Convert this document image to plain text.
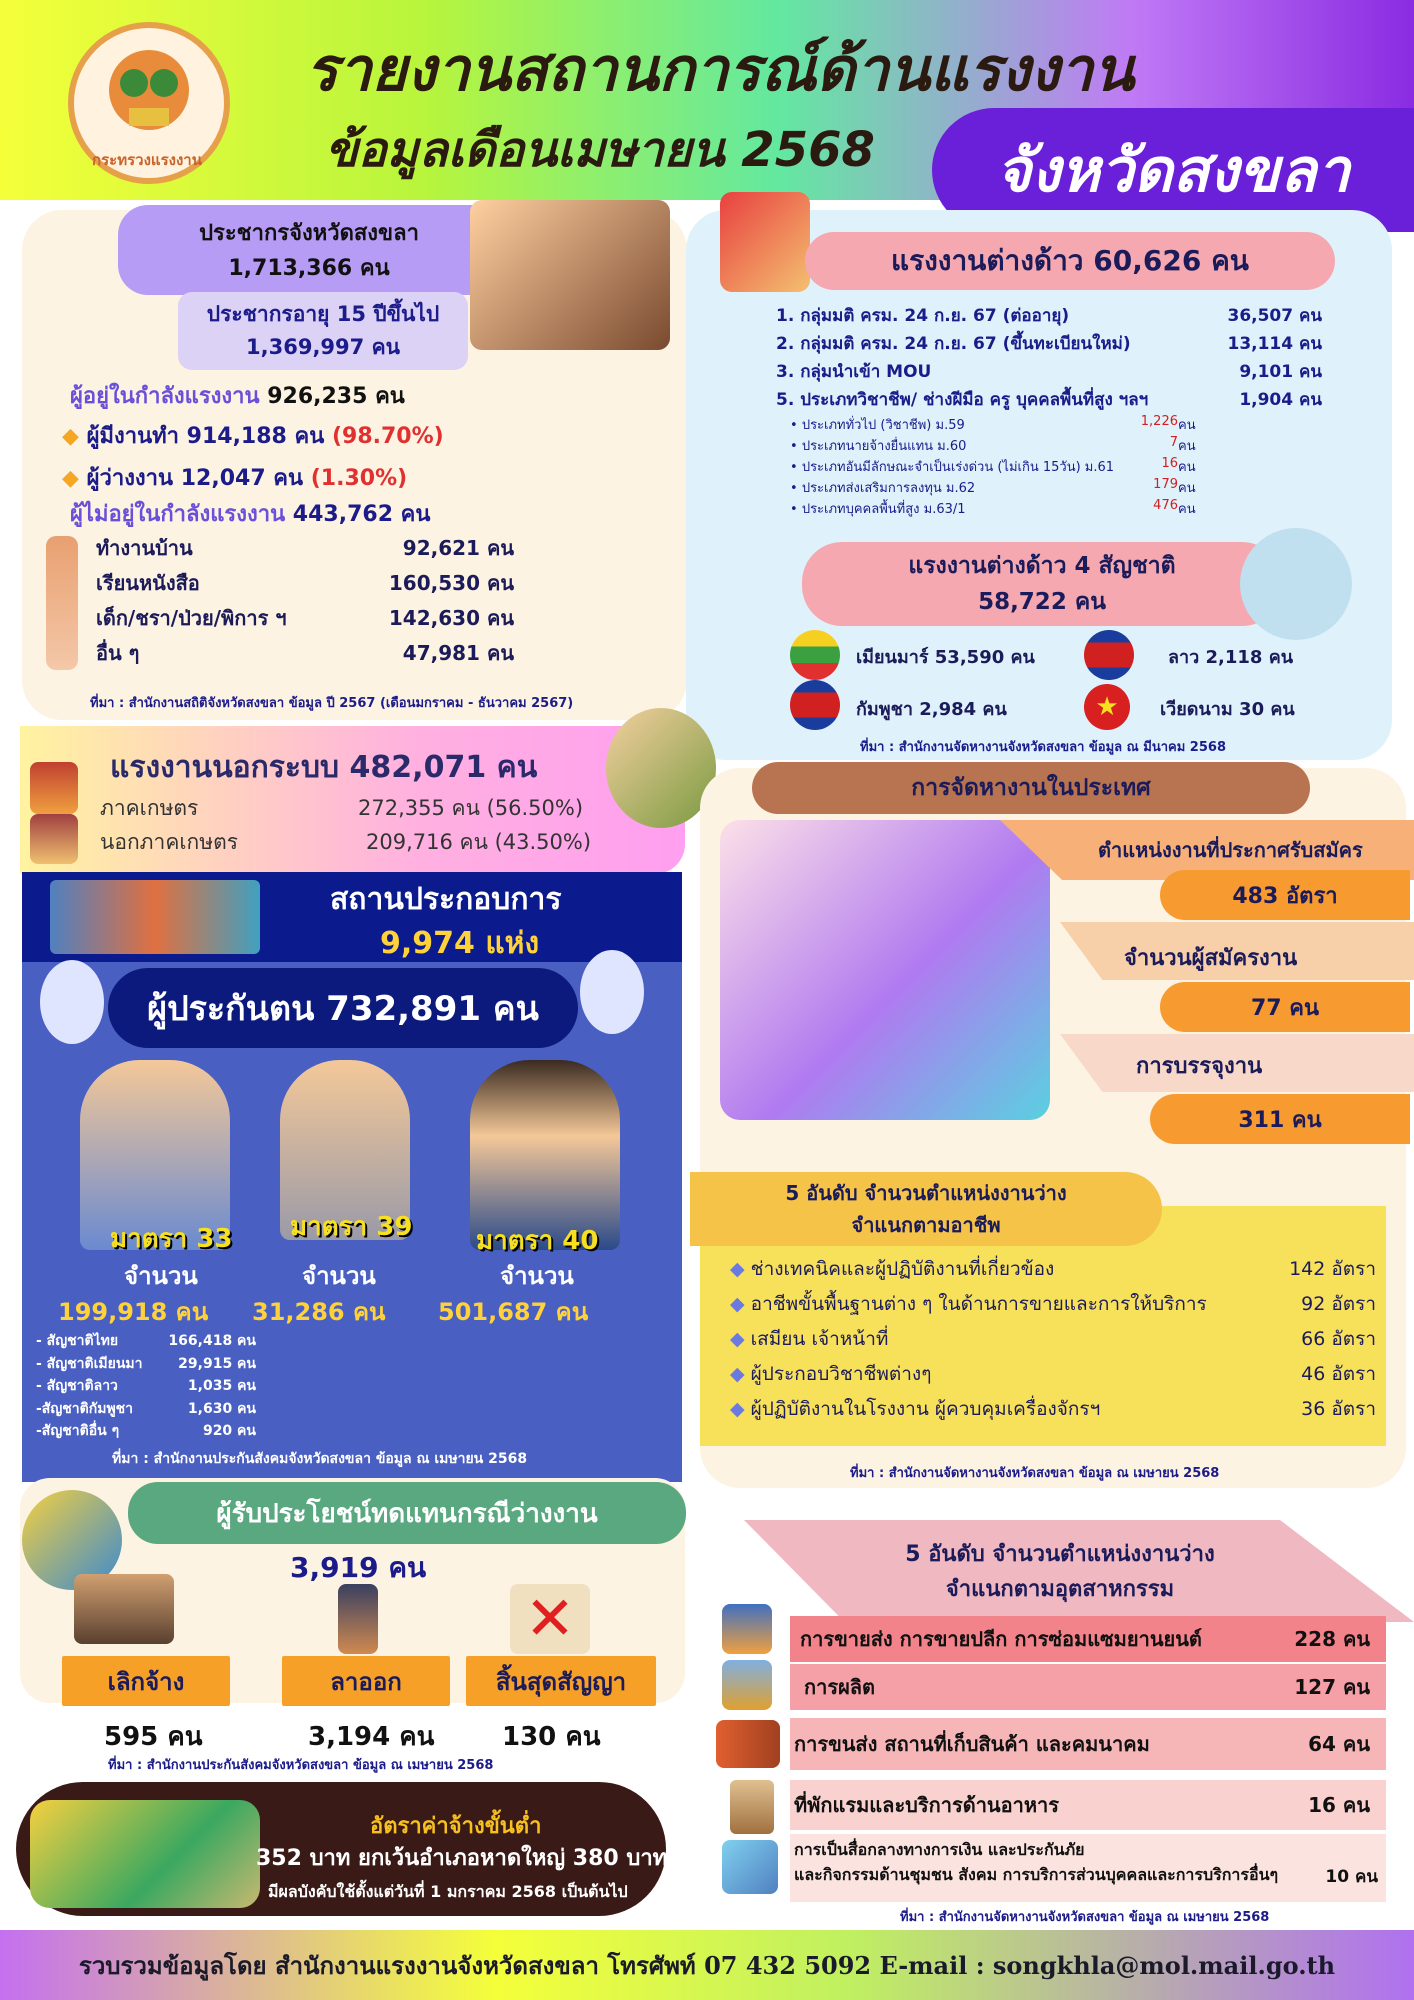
กระทรวงแรงงาน
รายงานสถานการณ์ด้านแรงงาน
ข้อมูลเดือนเมษายน 2568	จังหวัดสงขลา
ประชากรจังหวัดสงขลา
1,713,366 คน
ประชากรอายุ 15 ปีขึ้นไป
1,369,997 คน
ผู้อยู่ในกำลังแรงงาน 926,235 คน
◆ ผู้มีงานทำ 914,188 คน (98.70%)
◆ ผู้ว่างงาน 12,047 คน (1.30%)
ผู้ไม่อยู่ในกำลังแรงงาน 443,762 คน
ทำงานบ้าน	92,621 คน
เรียนหนังสือ	160,530 คน
เด็ก/ชรา/ป่วย/พิการ ฯ	142,630 คน
อื่น ๆ	47,981 คน
ที่มา : สำนักงานสถิติจังหวัดสงขลา ข้อมูล ปี 2567 (เดือนมกราคม - ธันวาคม 2567)
แรงงานต่างด้าว 60,626 คน
1. กลุ่มมติ ครม. 24 ก.ย. 67 (ต่ออายุ)	36,507 คน
2. กลุ่มมติ ครม. 24 ก.ย. 67 (ขึ้นทะเบียนใหม่)	13,114 คน
3. กลุ่มนำเข้า MOU	9,101 คน
5. ประเภทวิชาชีพ/ ช่างฝีมือ ครู บุคคลพื้นที่สูง ฯลฯ	1,904 คน
• ประเภททั่วไป (วิชาชีพ) ม.59	1,226 คน
• ประเภทนายจ้างยื่นแทน ม.60	7 คน
• ประเภทอันมีลักษณะจำเป็นเร่งด่วน (ไม่เกิน 15วัน) ม.61	16 คน
• ประเภทส่งเสริมการลงทุน ม.62	179 คน
• ประเภทบุคคลพื้นที่สูง ม.63/1	476 คน
แรงงานต่างด้าว 4 สัญชาติ
58,722 คน
เมียนมาร์ 53,590 คน	ลาว 2,118 คน
กัมพูชา 2,984 คน	★	เวียดนาม 30 คน
ที่มา : สำนักงานจัดหางานจังหวัดสงขลา ข้อมูล ณ มีนาคม 2568
แรงงานนอกระบบ 482,071 คน
ภาคเกษตร	272,355 คน (56.50%)
นอกภาคเกษตร	209,716 คน (43.50%)
สถานประกอบการ
9,974 แห่ง
ผู้ประกันตน 732,891 คน
มาตรา 33 มาตรา 39 มาตรา 40
จำนวน	จำนวน	จำนวน
199,918 คน 31,286 คน 501,687 คน
- สัญชาติไทย	166,418 คน
- สัญชาติเมียนมา	29,915 คน
- สัญชาติลาว	1,035 คน
-สัญชาติกัมพูชา	1,630 คน
-สัญชาติอื่น ๆ	920 คน
ที่มา : สำนักงานประกันสังคมจังหวัดสงขลา ข้อมูล ณ เมษายน 2568
ผู้รับประโยชน์ทดแทนกรณีว่างงาน
3,919 คน
✕
เลิกจ้าง	ลาออก	สิ้นสุดสัญญา
595 คน	3,194 คน	130 คน
ที่มา : สำนักงานประกันสังคมจังหวัดสงขลา ข้อมูล ณ เมษายน 2568
อัตราค่าจ้างขั้นต่ำ
352 บาท ยกเว้นอำเภอหาดใหญ่ 380 บาท
มีผลบังคับใช้ตั้งแต่วันที่ 1 มกราคม 2568 เป็นต้นไป
การจัดหางานในประเทศ
ตำแหน่งงานที่ประกาศรับสมัคร
483 อัตรา
จำนวนผู้สมัครงาน
77 คน
การบรรจุงาน
311 คน
5 อันดับ จำนวนตำแหน่งงานว่าง
จำแนกตามอาชีพ
◆ ช่างเทคนิคและผู้ปฏิบัติงานที่เกี่ยวข้อง	142 อัตรา
◆ อาชีพขั้นพื้นฐานต่าง ๆ ในด้านการขายและการให้บริการ	92 อัตรา
◆ เสมียน เจ้าหน้าที่	66 อัตรา
◆ ผู้ประกอบวิชาชีพต่างๆ	46 อัตรา
◆ ผู้ปฏิบัติงานในโรงงาน ผู้ควบคุมเครื่องจักรฯ	36 อัตรา
ที่มา : สำนักงานจัดหางานจังหวัดสงขลา ข้อมูล ณ เมษายน 2568
5 อันดับ จำนวนตำแหน่งงานว่าง
จำแนกตามอุตสาหกรรม
การขายส่ง การขายปลีก การซ่อมแซมยานยนต์	228 คน
การผลิต	127 คน
การขนส่ง สถานที่เก็บสินค้า และคมนาคม	64 คน
ที่พักแรมและบริการด้านอาหาร	16 คน
การเป็นสื่อกลางทางการเงิน และประกันภัย
และกิจกรรมด้านชุมชน สังคม การบริการส่วนบุคคลและการบริการอื่นๆ	10 คน
ที่มา : สำนักงานจัดหางานจังหวัดสงขลา ข้อมูล ณ เมษายน 2568
รวบรวมข้อมูลโดย สำนักงานแรงงานจังหวัดสงขลา โทรศัพท์ 07 432 5092 E-mail : songkhla@mol.mail.go.th
